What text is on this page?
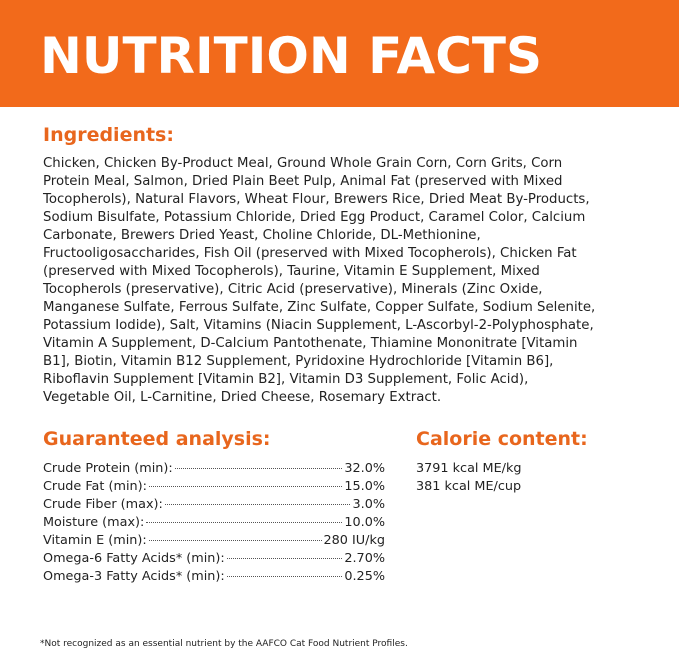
NUTRITION FACTS
Ingredients:
Chicken, Chicken By-Product Meal, Ground Whole Grain Corn, Corn Grits, Corn
Protein Meal, Salmon, Dried Plain Beet Pulp, Animal Fat (preserved with Mixed
Tocopherols), Natural Flavors, Wheat Flour, Brewers Rice, Dried Meat By-Products,
Sodium Bisulfate, Potassium Chloride, Dried Egg Product, Caramel Color, Calcium
Carbonate, Brewers Dried Yeast, Choline Chloride, DL-Methionine,
Fructooligosaccharides, Fish Oil (preserved with Mixed Tocopherols), Chicken Fat
(preserved with Mixed Tocopherols), Taurine, Vitamin E Supplement, Mixed
Tocopherols (preservative), Citric Acid (preservative), Minerals (Zinc Oxide,
Manganese Sulfate, Ferrous Sulfate, Zinc Sulfate, Copper Sulfate, Sodium Selenite,
Potassium Iodide), Salt, Vitamins (Niacin Supplement, L-Ascorbyl-2-Polyphosphate,
Vitamin A Supplement, D-Calcium Pantothenate, Thiamine Mononitrate [Vitamin
B1], Biotin, Vitamin B12 Supplement, Pyridoxine Hydrochloride [Vitamin B6],
Riboflavin Supplement [Vitamin B2], Vitamin D3 Supplement, Folic Acid),
Vegetable Oil, L-Carnitine, Dried Cheese, Rosemary Extract.
Guaranteed analysis:
Crude Protein (min):	32.0%
Crude Fat (min):	15.0%
Crude Fiber (max):	3.0%
Moisture (max):	10.0%
Vitamin E (min):	280 IU/kg
Omega-6 Fatty Acids* (min):	2.70%
Omega-3 Fatty Acids* (min):	0.25%
Calorie content:
3791 kcal ME/kg
381 kcal ME/cup
*Not recognized as an essential nutrient by the AAFCO Cat Food Nutrient Profiles.
